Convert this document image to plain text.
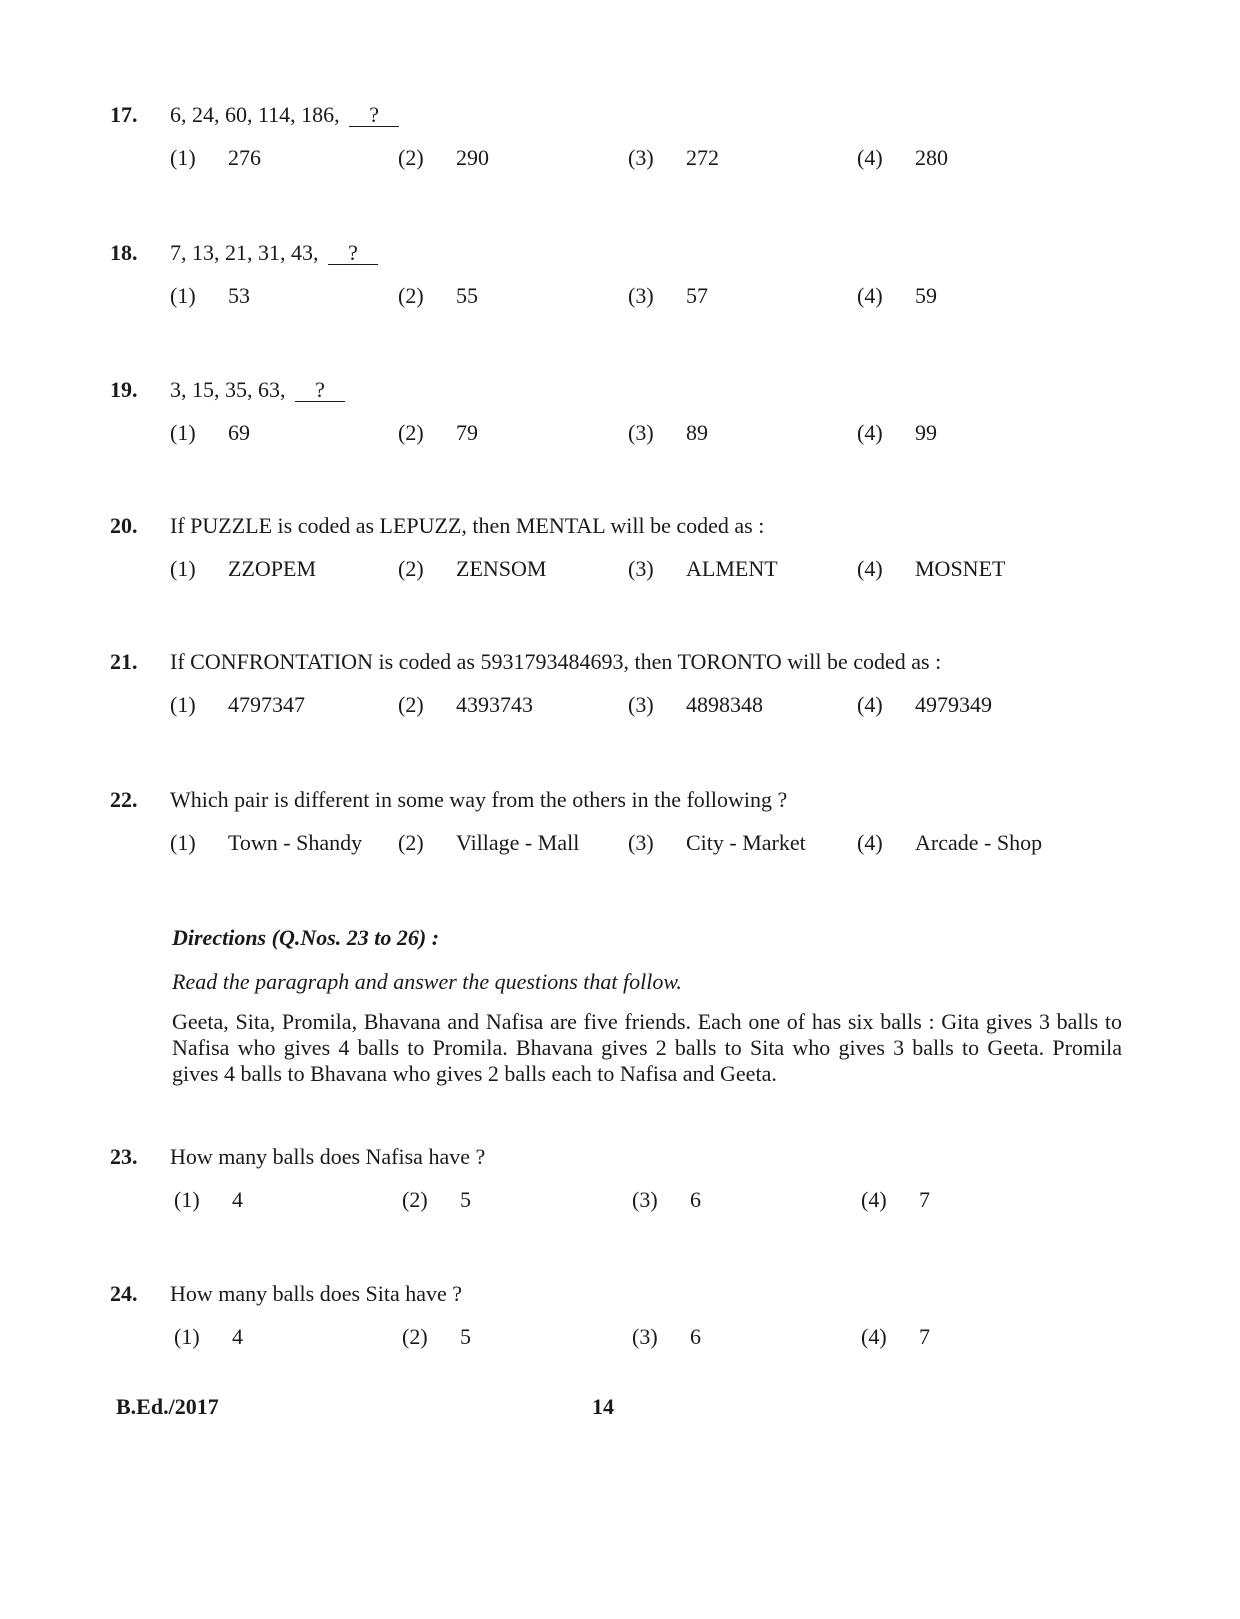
17. 6, 24, 60, 114, 186, ?
(1) 276	(2) 290	(3) 272	(4) 280
18. 7, 13, 21, 31, 43, ?
(1) 53	(2) 55	(3) 57	(4) 59
19. 3, 15, 35, 63, ?
(1) 69	(2) 79	(3) 89	(4) 99
20. If PUZZLE is coded as LEPUZZ, then MENTAL will be coded as :
(1) ZZOPEM	(2) ZENSOM	(3) ALMENT	(4) MOSNET
21. If CONFRONTATION is coded as 5931793484693, then TORONTO will be coded as :
(1) 4797347	(2) 4393743	(3) 4898348	(4) 4979349
22. Which pair is different in some way from the others in the following ?
(1) Town - Shandy (2) Village - Mall (3) City - Market (4) Arcade - Shop
Directions (Q.Nos. 23 to 26) :
Read the paragraph and answer the questions that follow.
Geeta, Sita, Promila, Bhavana and Nafisa are five friends. Each one of has six balls : Gita gives 3 balls to Nafisa who gives 4 balls to Promila. Bhavana gives 2 balls to Sita who gives 3 balls to Geeta. Promila gives 4 balls to Bhavana who gives 2 balls each to Nafisa and Geeta.
23. How many balls does Nafisa have ?
(1) 4	(2) 5	(3) 6	(4) 7
24. How many balls does Sita have ?
(1) 4	(2) 5	(3) 6	(4) 7
B.Ed./2017	14
